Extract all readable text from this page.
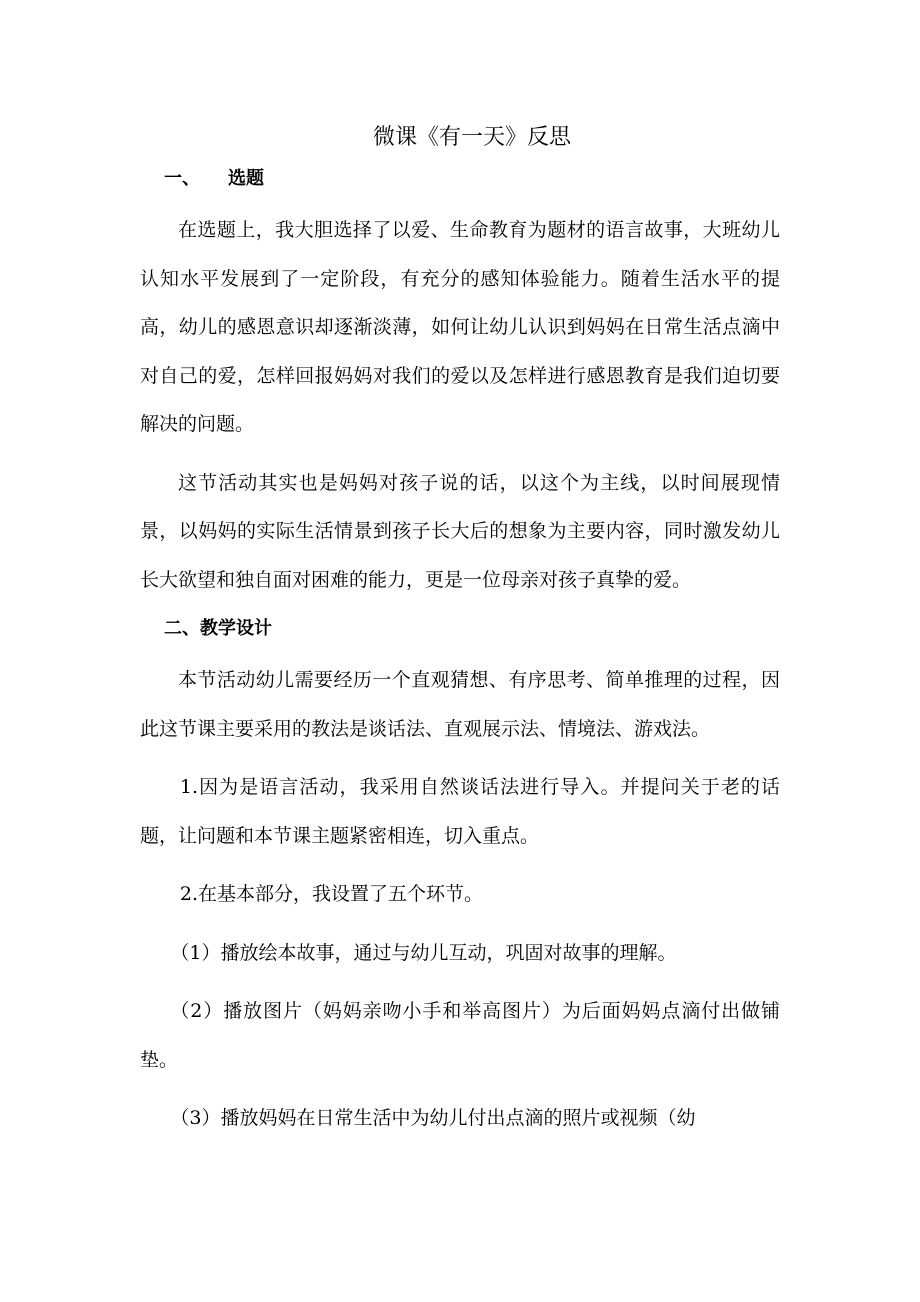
微课《有一天》反思
一、 选题

在选题上，我大胆选择了以爱、生命教育为题材的语言故事，大班幼儿认知水平发展到了一定阶段，有充分的感知体验能力。随着生活水平的提高，幼儿的感恩意识却逐渐淡薄，如何让幼儿认识到妈妈在日常生活点滴中对自己的爱，怎样回报妈妈对我们的爱以及怎样进行感恩教育是我们迫切要解决的问题。

这节活动其实也是妈妈对孩子说的话，以这个为主线，以时间展现情景，以妈妈的实际生活情景到孩子长大后的想象为主要内容，同时激发幼儿长大欲望和独自面对困难的能力，更是一位母亲对孩子真挚的爱。

二、教学设计

本节活动幼儿需要经历一个直观猜想、有序思考、简单推理的过程，因此这节课主要采用的教法是谈话法、直观展示法、情境法、游戏法。

1.因为是语言活动，我采用自然谈话法进行导入。并提问关于老的话题，让问题和本节课主题紧密相连，切入重点。

2.在基本部分，我设置了五个环节。

（1）播放绘本故事，通过与幼儿互动，巩固对故事的理解。

（2）播放图片（妈妈亲吻小手和举高图片）为后面妈妈点滴付出做铺垫。

（3）播放妈妈在日常生活中为幼儿付出点滴的照片或视频（幼
